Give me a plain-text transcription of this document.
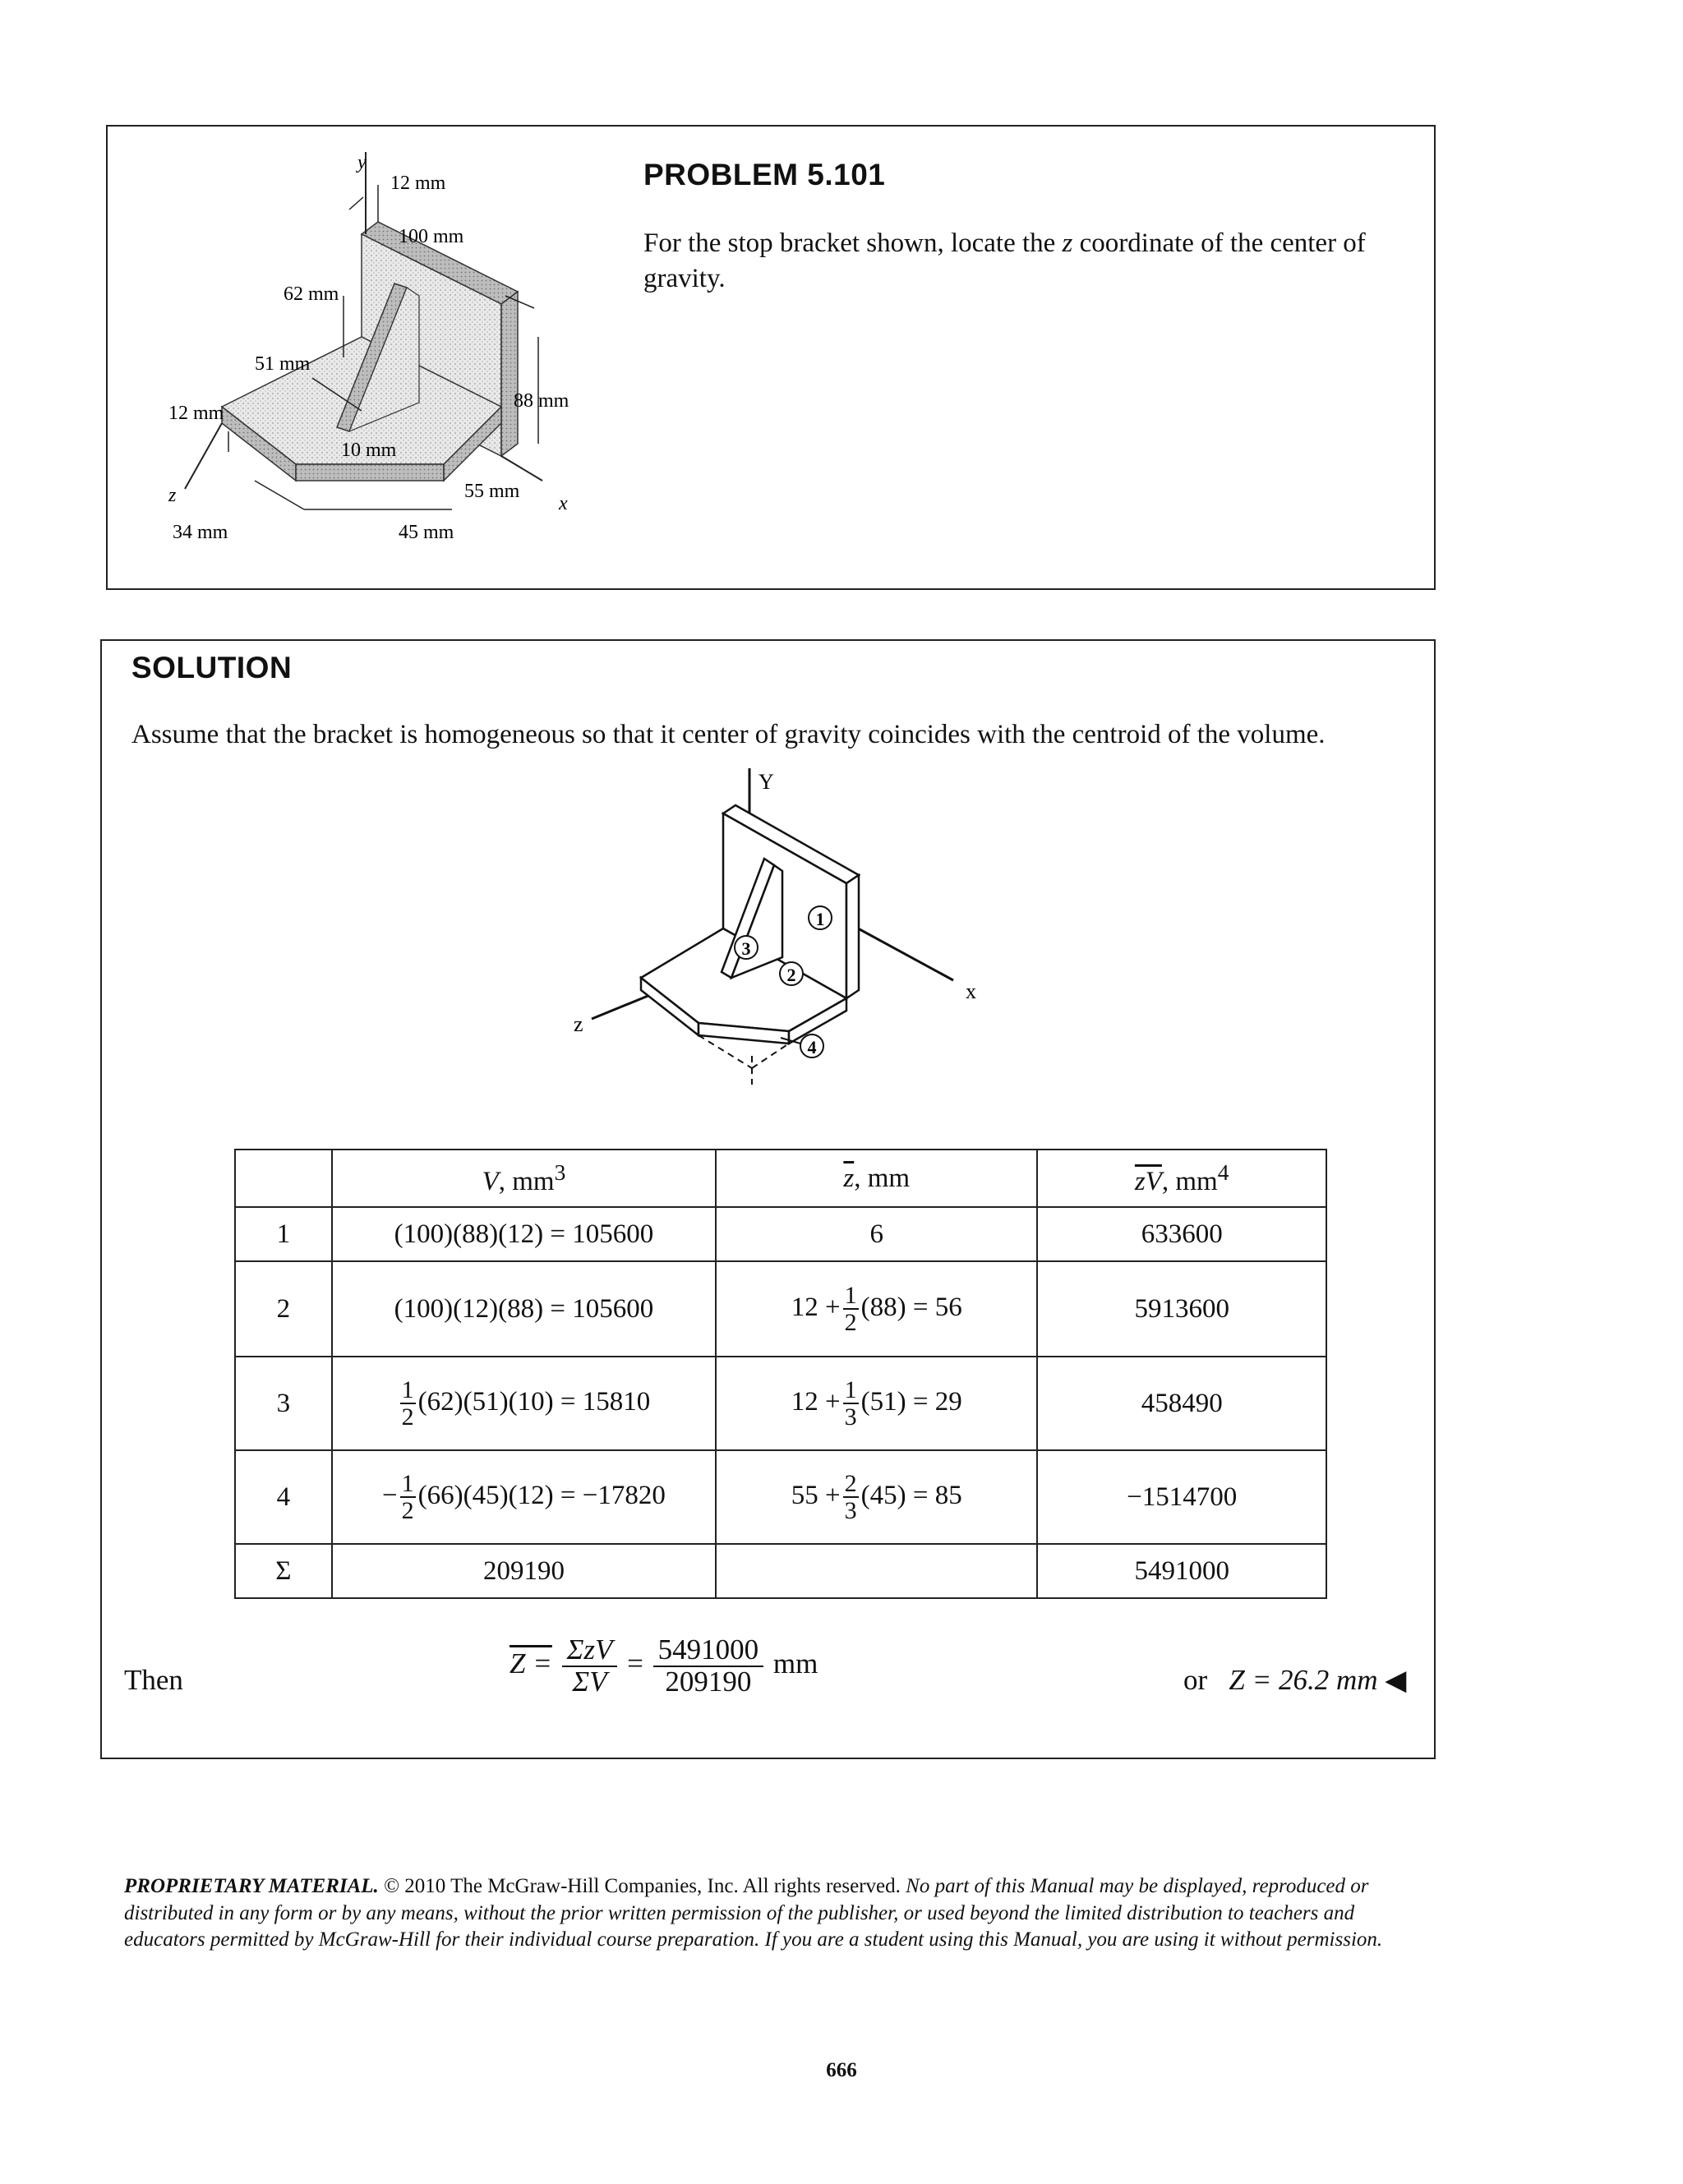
y
x
z
12 mm
100 mm
62 mm
51 mm
12 mm
10 mm
88 mm
55 mm
34 mm	45 mm
PROBLEM 5.101
For the stop bracket shown, locate the z coordinate of the center of gravity.
SOLUTION
Assume that the bracket is homogeneous so that it center of gravity coincides with the centroid of the volume.
Y
x
z
1
2
3
4
	V, $mm^3$	$\overline{z}$, mm	$\overline{zV}$, $mm^4$
1	(100)(88)(12) = 105600	6	633600
2	(100)(12)(88) = 105600	$12 + \frac{1}{2} (88) = 56$	5913600
3	$\frac{1}{2} (62)(51)(10) = 15810$	$12 + \frac{1}{3} (51) = 29$	458490
4	− $\frac{1}{2} (66)(45)(12) = -17820$	$55 + \frac{2}{3} (45) = 85$	−1514700
Σ	209190		5491000
Then
$Z = \frac{\text{ΣzV}}{\Sigma V} = \frac{5491000}{209190}$ mm
or Z = 26.2 mm ◀
PROPRIETARY MATERIAL. © 2010 The McGraw-Hill Companies, Inc. All rights reserved. No part of this Manual may be displayed, reproduced or distributed in any form or by any means, without the prior written permission of the publisher, or used beyond the limited distribution to teachers and educators permitted by McGraw-Hill for their individual course preparation. If you are a student using this Manual, you are using it without permission.
666
